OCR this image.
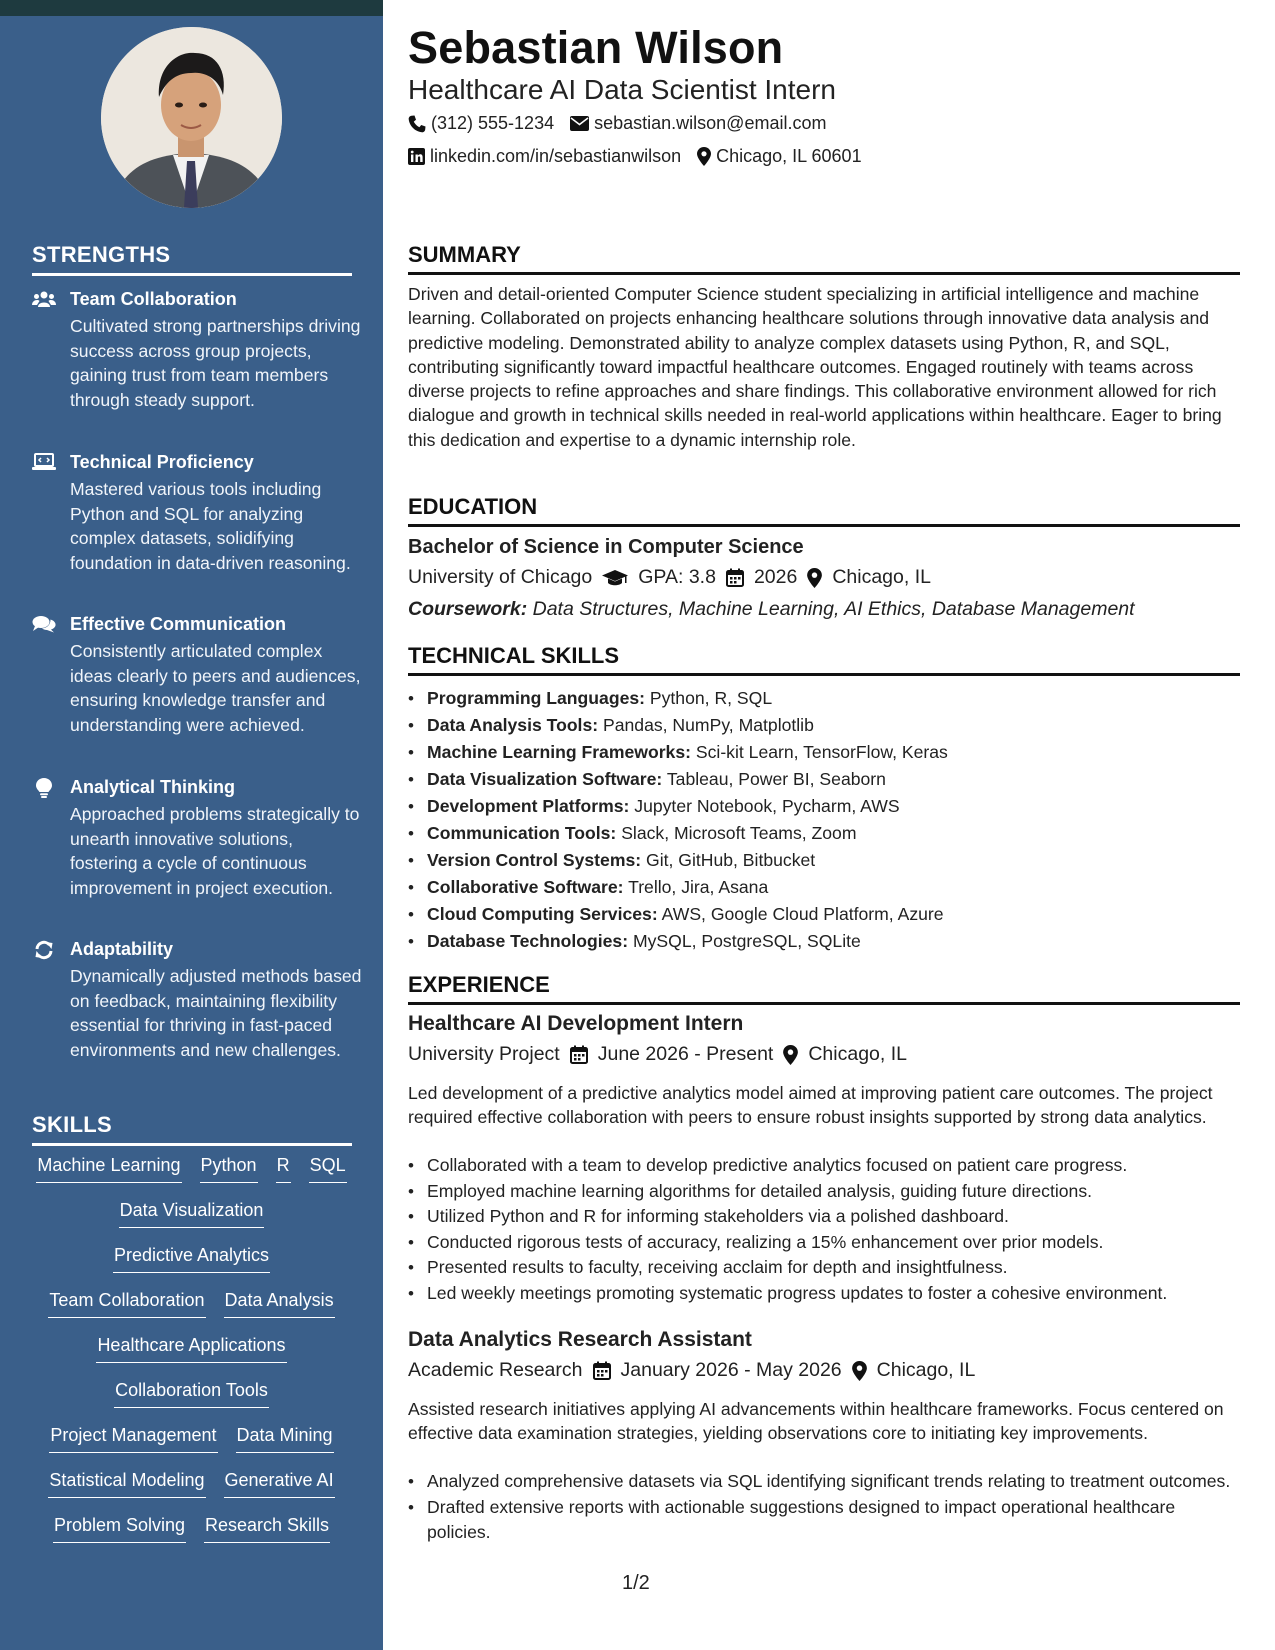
STRENGTHS
Team Collaboration
Cultivated strong partnerships driving success across group projects, gaining trust from team members through steady support.
Technical Proficiency
Mastered various tools including Python and SQL for analyzing complex datasets, solidifying foundation in data-driven reasoning.
Effective Communication
Consistently articulated complex ideas clearly to peers and audiences, ensuring knowledge transfer and understanding were achieved.
Analytical Thinking
Approached problems strategically to unearth innovative solutions, fostering a cycle of continuous improvement in project execution.
Adaptability
Dynamically adjusted methods based on feedback, maintaining flexibility essential for thriving in fast-paced environments and new challenges.
SKILLS
Machine Learning Python R SQL
Data Visualization
Predictive Analytics
Team Collaboration Data Analysis
Healthcare Applications
Collaboration Tools
Project Management Data Mining
Statistical Modeling Generative AI
Problem Solving Research Skills
Sebastian Wilson
Healthcare AI Data Scientist Intern
(312) 555-1234 sebastian.wilson@email.com
linkedin.com/in/sebastianwilson Chicago, IL 60601
SUMMARY
Driven and detail-oriented Computer Science student specializing in artificial intelligence and machine learning. Collaborated on projects enhancing healthcare solutions through innovative data analysis and predictive modeling. Demonstrated ability to analyze complex datasets using Python, R, and SQL, contributing significantly toward impactful healthcare outcomes. Engaged routinely with teams across diverse projects to refine approaches and share findings. This collaborative environment allowed for rich dialogue and growth in technical skills needed in real-world applications within healthcare. Eager to bring this dedication and expertise to a dynamic internship role.
EDUCATION
Bachelor of Science in Computer Science
University of Chicago GPA: 3.8 2026 Chicago, IL
Coursework: Data Structures, Machine Learning, AI Ethics, Database Management
TECHNICAL SKILLS
• Programming Languages: Python, R, SQL
• Data Analysis Tools: Pandas, NumPy, Matplotlib
• Machine Learning Frameworks: Sci-kit Learn, TensorFlow, Keras
• Data Visualization Software: Tableau, Power BI, Seaborn
• Development Platforms: Jupyter Notebook, Pycharm, AWS
• Communication Tools: Slack, Microsoft Teams, Zoom
• Version Control Systems: Git, GitHub, Bitbucket
• Collaborative Software: Trello, Jira, Asana
• Cloud Computing Services: AWS, Google Cloud Platform, Azure
• Database Technologies: MySQL, PostgreSQL, SQLite
EXPERIENCE
Healthcare AI Development Intern
University Project June 2026 - Present Chicago, IL
Led development of a predictive analytics model aimed at improving patient care outcomes. The project required effective collaboration with peers to ensure robust insights supported by strong data analytics.
• Collaborated with a team to develop predictive analytics focused on patient care progress.
• Employed machine learning algorithms for detailed analysis, guiding future directions.
• Utilized Python and R for informing stakeholders via a polished dashboard.
• Conducted rigorous tests of accuracy, realizing a 15% enhancement over prior models.
• Presented results to faculty, receiving acclaim for depth and insightfulness.
• Led weekly meetings promoting systematic progress updates to foster a cohesive environment.
Data Analytics Research Assistant
Academic Research January 2026 - May 2026 Chicago, IL
Assisted research initiatives applying AI advancements within healthcare frameworks. Focus centered on effective data examination strategies, yielding observations core to initiating key improvements.
• Analyzed comprehensive datasets via SQL identifying significant trends relating to treatment outcomes.
• Drafted extensive reports with actionable suggestions designed to impact operational healthcare policies.
1/2
